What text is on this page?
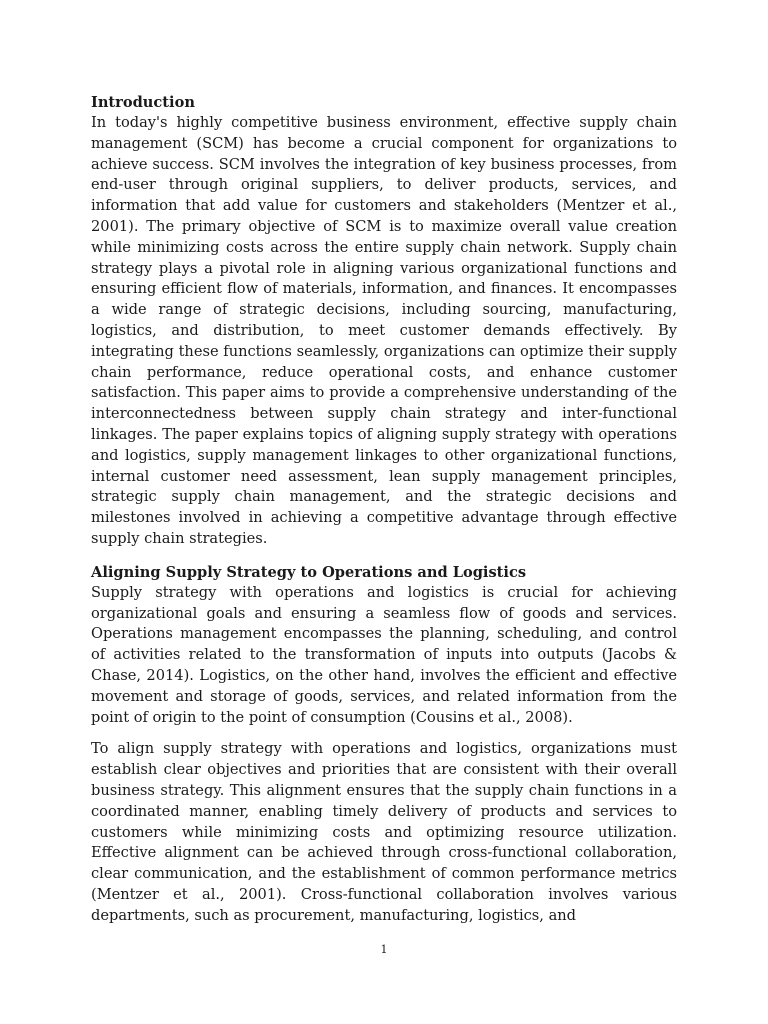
Introduction

In today's highly competitive business environment, effective supply chain management (SCM) has become a crucial component for organizations to achieve success. SCM involves the integration of key business processes, from end-user through original suppliers, to deliver products, services, and information that add value for customers and stakeholders (Mentzer et al., 2001). The primary objective of SCM is to maximize overall value creation while minimizing costs across the entire supply chain network. Supply chain strategy plays a pivotal role in aligning various organizational functions and ensuring efficient flow of materials, information, and finances. It encompasses a wide range of strategic decisions, including sourcing, manufacturing, logistics, and distribution, to meet customer demands effectively. By integrating these functions seamlessly, organizations can optimize their supply chain performance, reduce operational costs, and enhance customer satisfaction. This paper aims to provide a comprehensive understanding of the interconnectedness between supply chain strategy and inter-functional linkages. The paper explains topics of aligning supply strategy with operations and logistics, supply management linkages to other organizational functions, internal customer need assessment, lean supply management principles, strategic supply chain management, and the strategic decisions and milestones involved in achieving a competitive advantage through effective supply chain strategies.

Aligning Supply Strategy to Operations and Logistics

Supply strategy with operations and logistics is crucial for achieving organizational goals and ensuring a seamless flow of goods and services. Operations management encompasses the planning, scheduling, and control of activities related to the transformation of inputs into outputs (Jacobs & Chase, 2014). Logistics, on the other hand, involves the efficient and effective movement and storage of goods, services, and related information from the point of origin to the point of consumption (Cousins et al., 2008).

To align supply strategy with operations and logistics, organizations must establish clear objectives and priorities that are consistent with their overall business strategy. This alignment ensures that the supply chain functions in a coordinated manner, enabling timely delivery of products and services to customers while minimizing costs and optimizing resource utilization. Effective alignment can be achieved through cross-functional collaboration, clear communication, and the establishment of common performance metrics (Mentzer et al., 2001). Cross-functional collaboration involves various departments, such as procurement, manufacturing, logistics, and

1
